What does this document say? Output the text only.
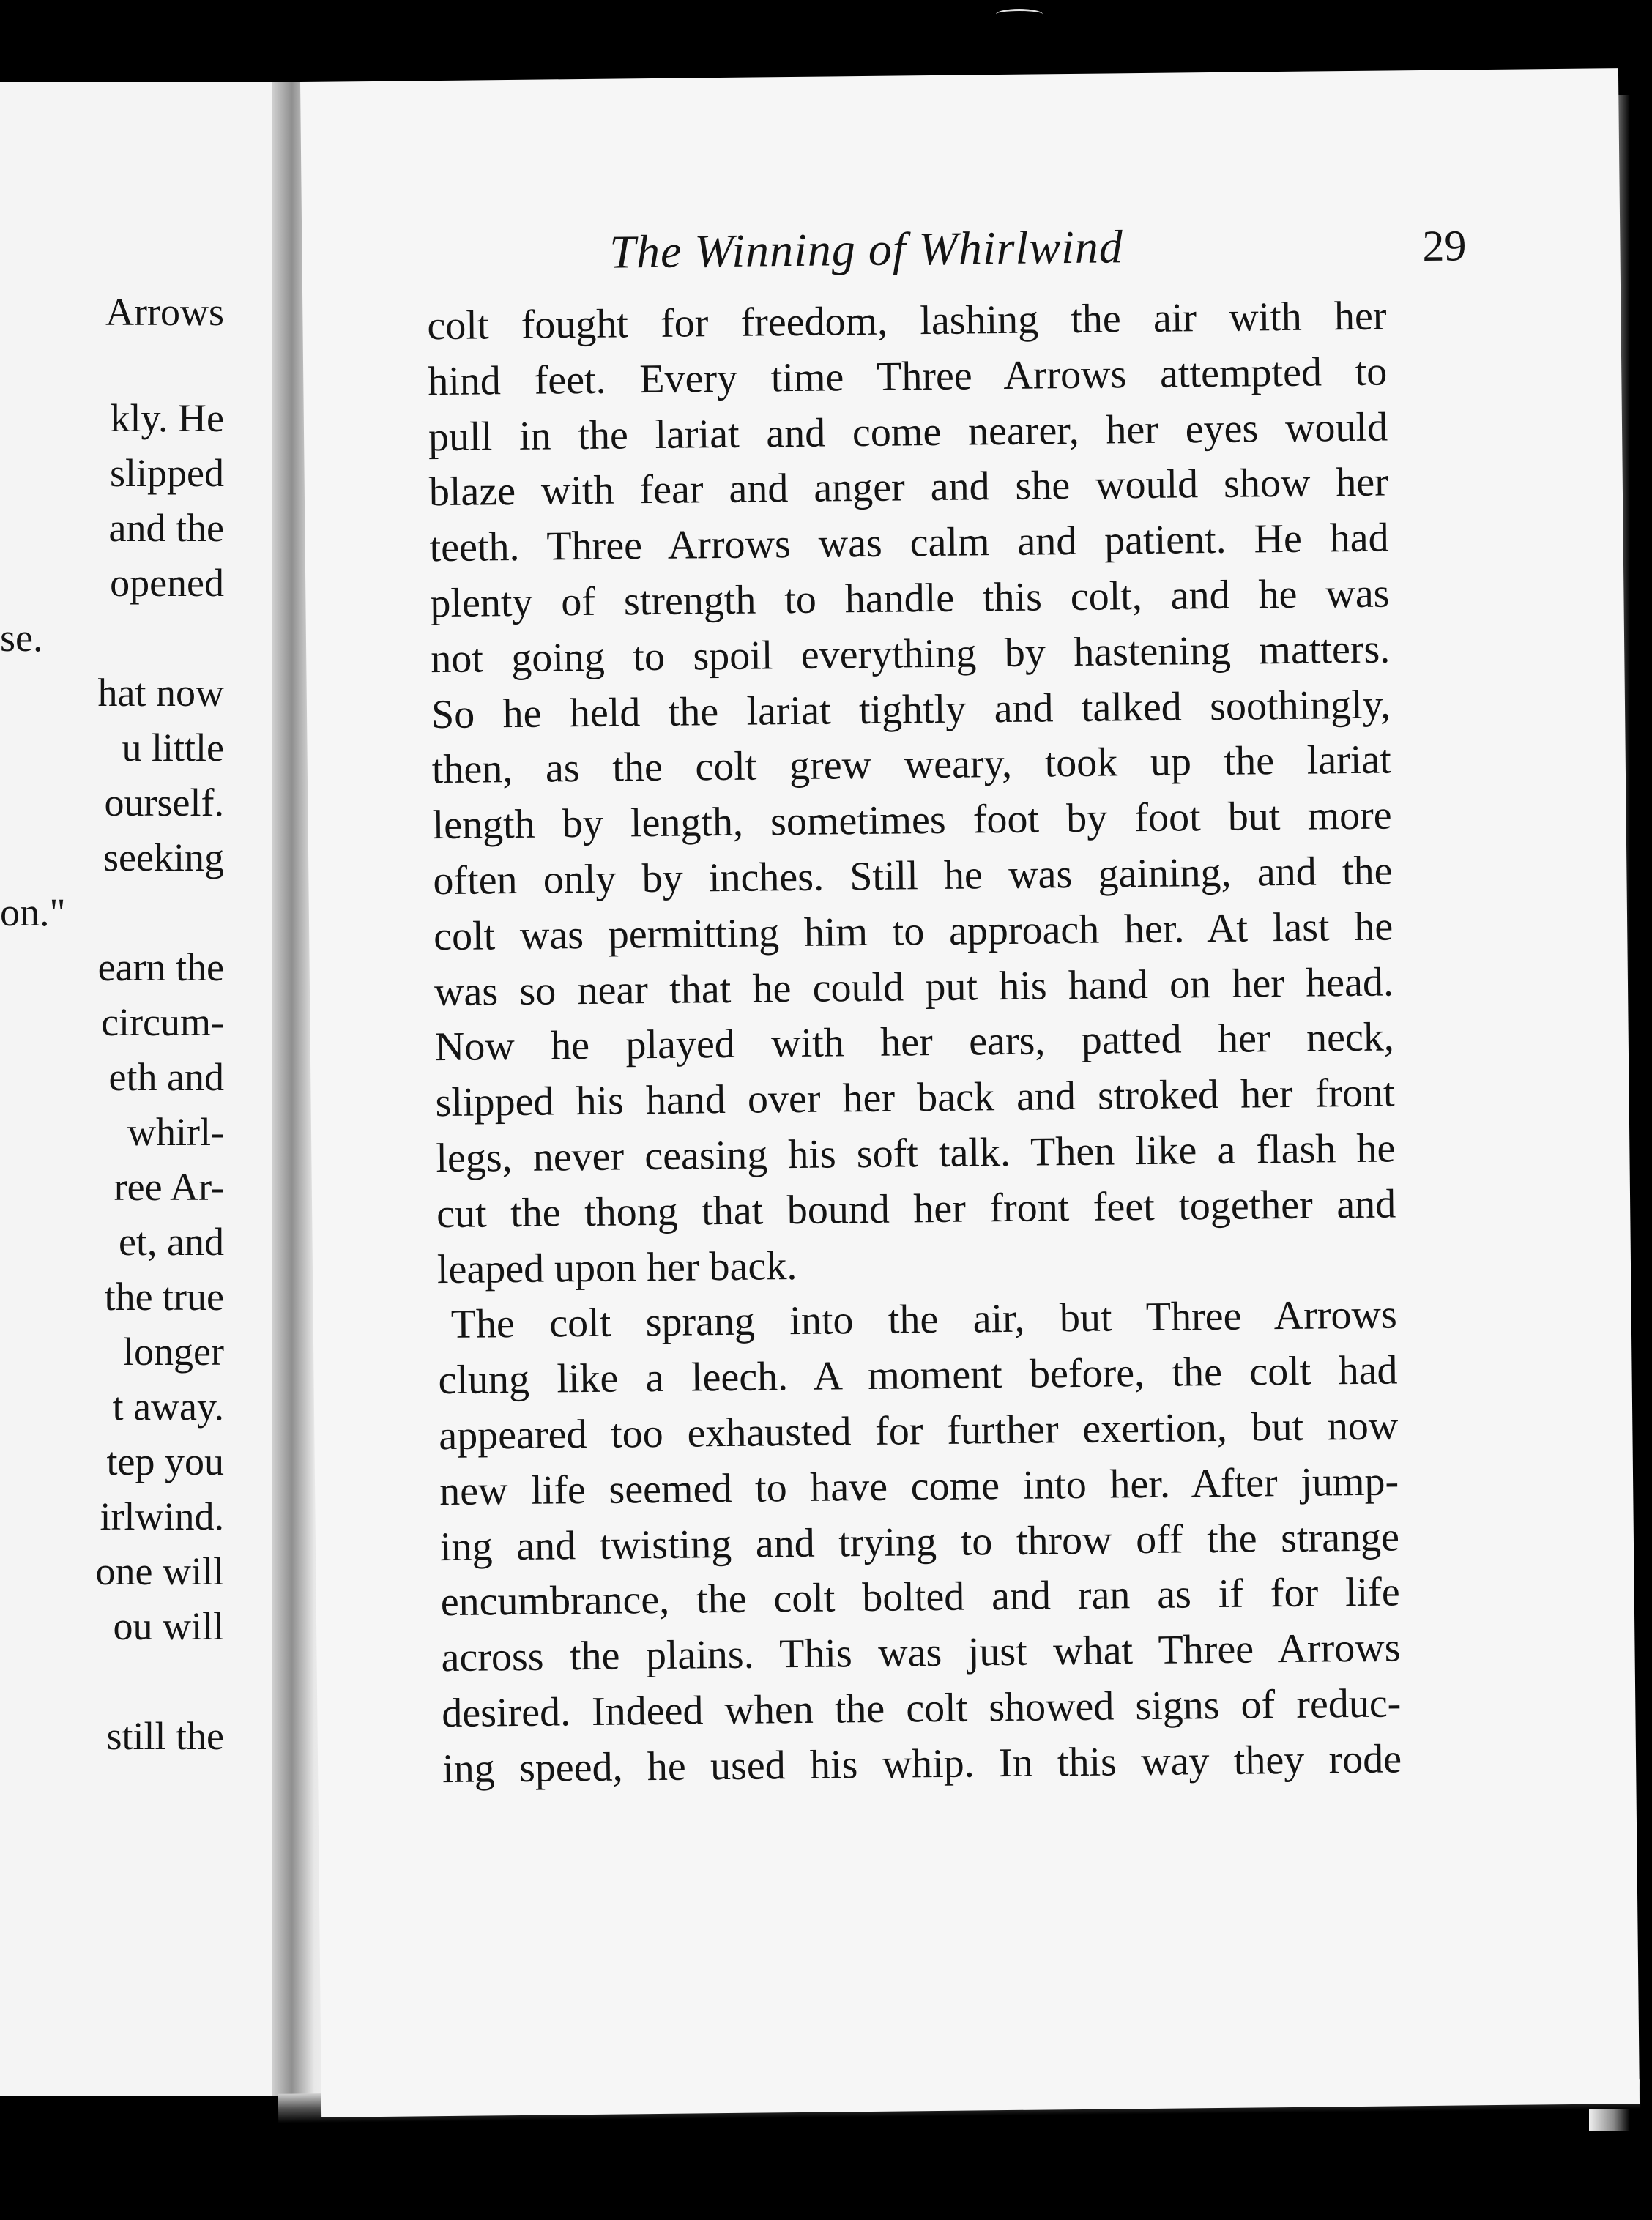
Arrows
kly. He
slipped
and the
opened
se.
hat now
u little
ourself.
seeking
on."
earn the
circum-
eth and
whirl-
ree Ar-
et, and
the true
longer
t away.
tep you
irlwind.
one will
ou will
still the
The Winning of Whirlwind	29
colt fought for freedom, lashing the air with her
hind feet. Every time Three Arrows attempted to
pull in the lariat and come nearer, her eyes would
blaze with fear and anger and she would show her
teeth. Three Arrows was calm and patient. He had
plenty of strength to handle this colt, and he was
not going to spoil everything by hastening matters.
So he held the lariat tightly and talked soothingly,
then, as the colt grew weary, took up the lariat
length by length, sometimes foot by foot but more
often only by inches. Still he was gaining, and the
colt was permitting him to approach her. At last he
was so near that he could put his hand on her head.
Now he played with her ears, patted her neck,
slipped his hand over her back and stroked her front
legs, never ceasing his soft talk. Then like a flash he
cut the thong that bound her front feet together and
leaped upon her back.
The colt sprang into the air, but Three Arrows
clung like a leech. A moment before, the colt had
appeared too exhausted for further exertion, but now
new life seemed to have come into her. After jump-
ing and twisting and trying to throw off the strange
encumbrance, the colt bolted and ran as if for life
across the plains. This was just what Three Arrows
desired. Indeed when the colt showed signs of reduc-
ing speed, he used his whip. In this way they rode
